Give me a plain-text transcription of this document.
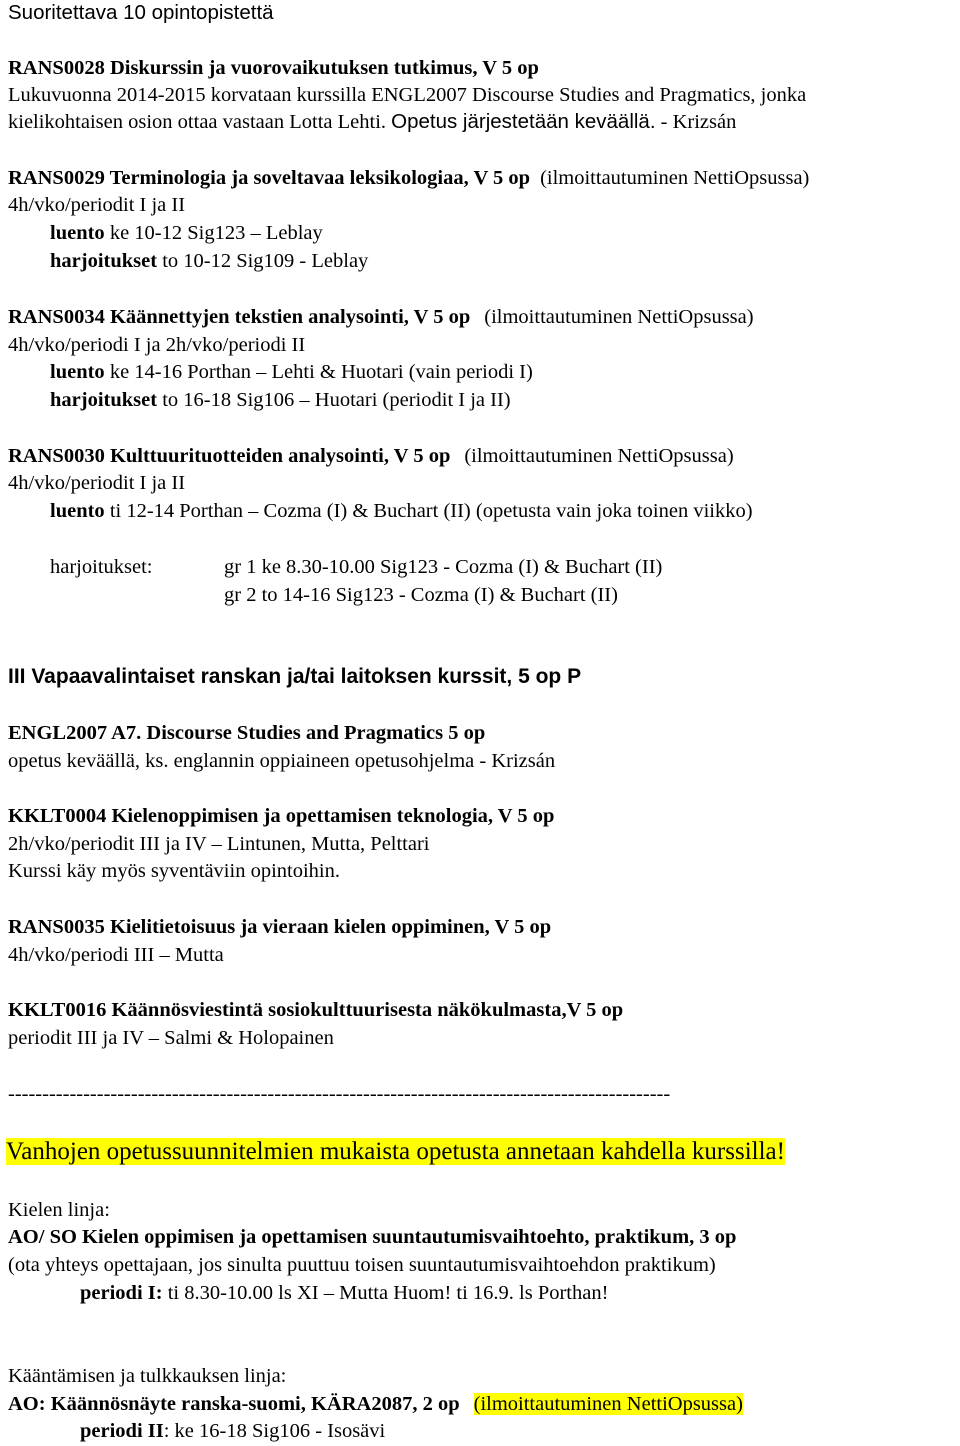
Suoritettava 10 opintopistettä
RANS0028 Diskurssin ja vuorovaikutuksen tutkimus, V 5 op
Lukuvuonna 2014-2015 korvataan kurssilla ENGL2007 Discourse Studies and Pragmatics, jonka
kielikohtaisen osion ottaa vastaan Lotta Lehti. Opetus järjestetään keväällä. - Krizsán
RANS0029 Terminologia ja soveltavaa leksikologiaa, V 5 op (ilmoittautuminen NettiOpsussa)
4h/vko/periodit I ja II
luento ke 10-12 Sig123 – Leblay
harjoitukset to 10-12 Sig109 - Leblay
RANS0034 Käännettyjen tekstien analysointi, V 5 op (ilmoittautuminen NettiOpsussa)
4h/vko/periodi I ja 2h/vko/periodi II
luento ke 14-16 Porthan – Lehti & Huotari (vain periodi I)
harjoitukset to 16-18 Sig106 – Huotari (periodit I ja II)
RANS0030 Kulttuurituotteiden analysointi, V 5 op (ilmoittautuminen NettiOpsussa)
4h/vko/periodit I ja II
luento ti 12-14 Porthan – Cozma (I) & Buchart (II) (opetusta vain joka toinen viikko)
harjoitukset:	gr 1 ke 8.30-10.00 Sig123 - Cozma (I) & Buchart (II)
gr 2 to 14-16 Sig123 - Cozma (I) & Buchart (II)
III Vapaavalintaiset ranskan ja/tai laitoksen kurssit, 5 op P
ENGL2007 A7. Discourse Studies and Pragmatics 5 op
opetus keväällä, ks. englannin oppiaineen opetusohjelma - Krizsán
KKLT0004 Kielenoppimisen ja opettamisen teknologia, V 5 op
2h/vko/periodit III ja IV – Lintunen, Mutta, Pelttari
Kurssi käy myös syventäviin opintoihin.
RANS0035 Kielitietoisuus ja vieraan kielen oppiminen, V 5 op
4h/vko/periodi III – Mutta
KKLT0016 Käännösviestintä sosiokulttuurisesta näkökulmasta,V 5 op
periodit III ja IV – Salmi & Holopainen
-------------------------------------------------------------------------------------------------
Vanhojen opetussuunnitelmien mukaista opetusta annetaan kahdella kurssilla!
Kielen linja:
AO/ SO Kielen oppimisen ja opettamisen suuntautumisvaihtoehto, praktikum, 3 op
(ota yhteys opettajaan, jos sinulta puuttuu toisen suuntautumisvaihtoehdon praktikum)
periodi I: ti 8.30-10.00 ls XI – Mutta Huom! ti 16.9. ls Porthan!
Kääntämisen ja tulkkauksen linja:
AO: Käännösnäyte ranska-suomi, KÄRA2087, 2 op (ilmoittautuminen NettiOpsussa)
periodi II: ke 16-18 Sig106 - Isosävi
